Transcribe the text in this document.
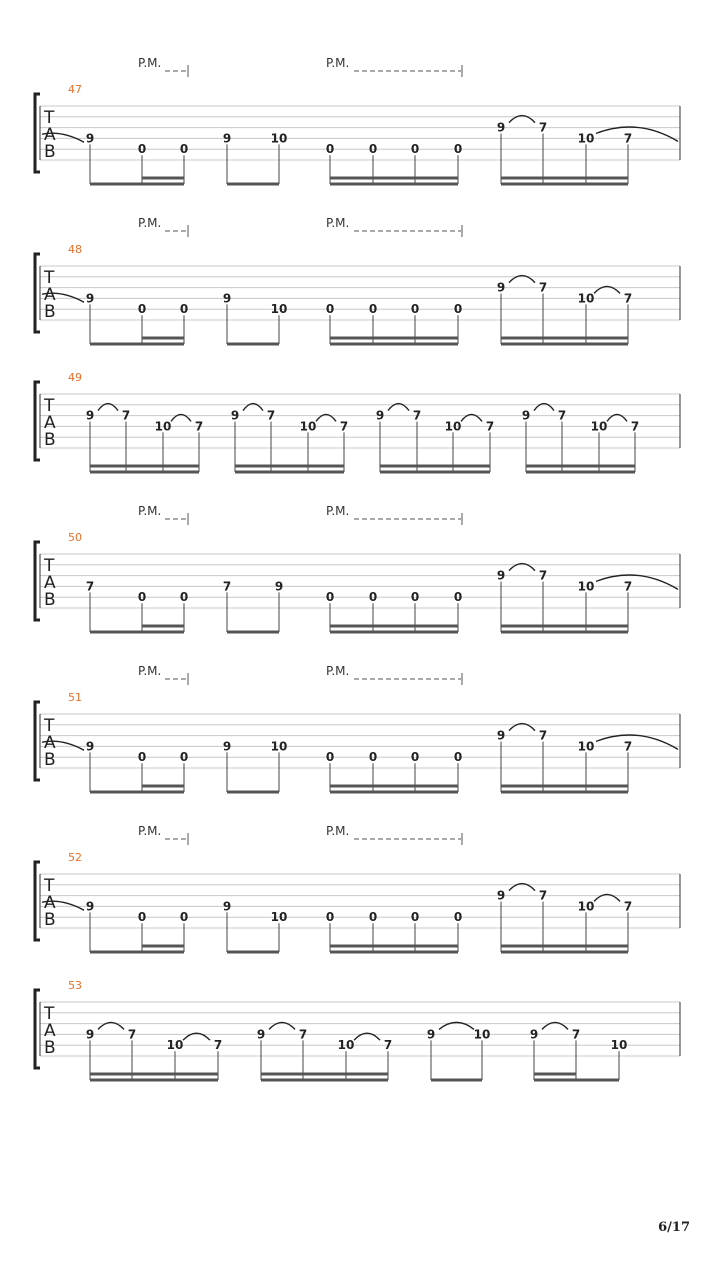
P.M.	P.M.
47
T
A
B
9
0	0
9	10
0	0	0	0
9	7
10 7
P.M.	P.M.
48
T
A
B
9
0	0
9
10	0	0	0	0
9	7
10 7
49
T
A
B
9 7
10 7
9 7
10 7
9 7
10 7
9 7
10 7
P.M.	P.M.
50
T
A
B
7
0	0
7	9
0	0	0	0
9	7
10 7
P.M.	P.M.
51
T
A
B
9
0	0
9	10
0	0	0	0
9	7
10 7
P.M.	P.M.
52
T
A
B
9
0	0
9
10	0	0	0	0
9	7
10 7
53
T
A
B
9	7
10	7
9	7
10 7
9	10	9	7
10
6/17
